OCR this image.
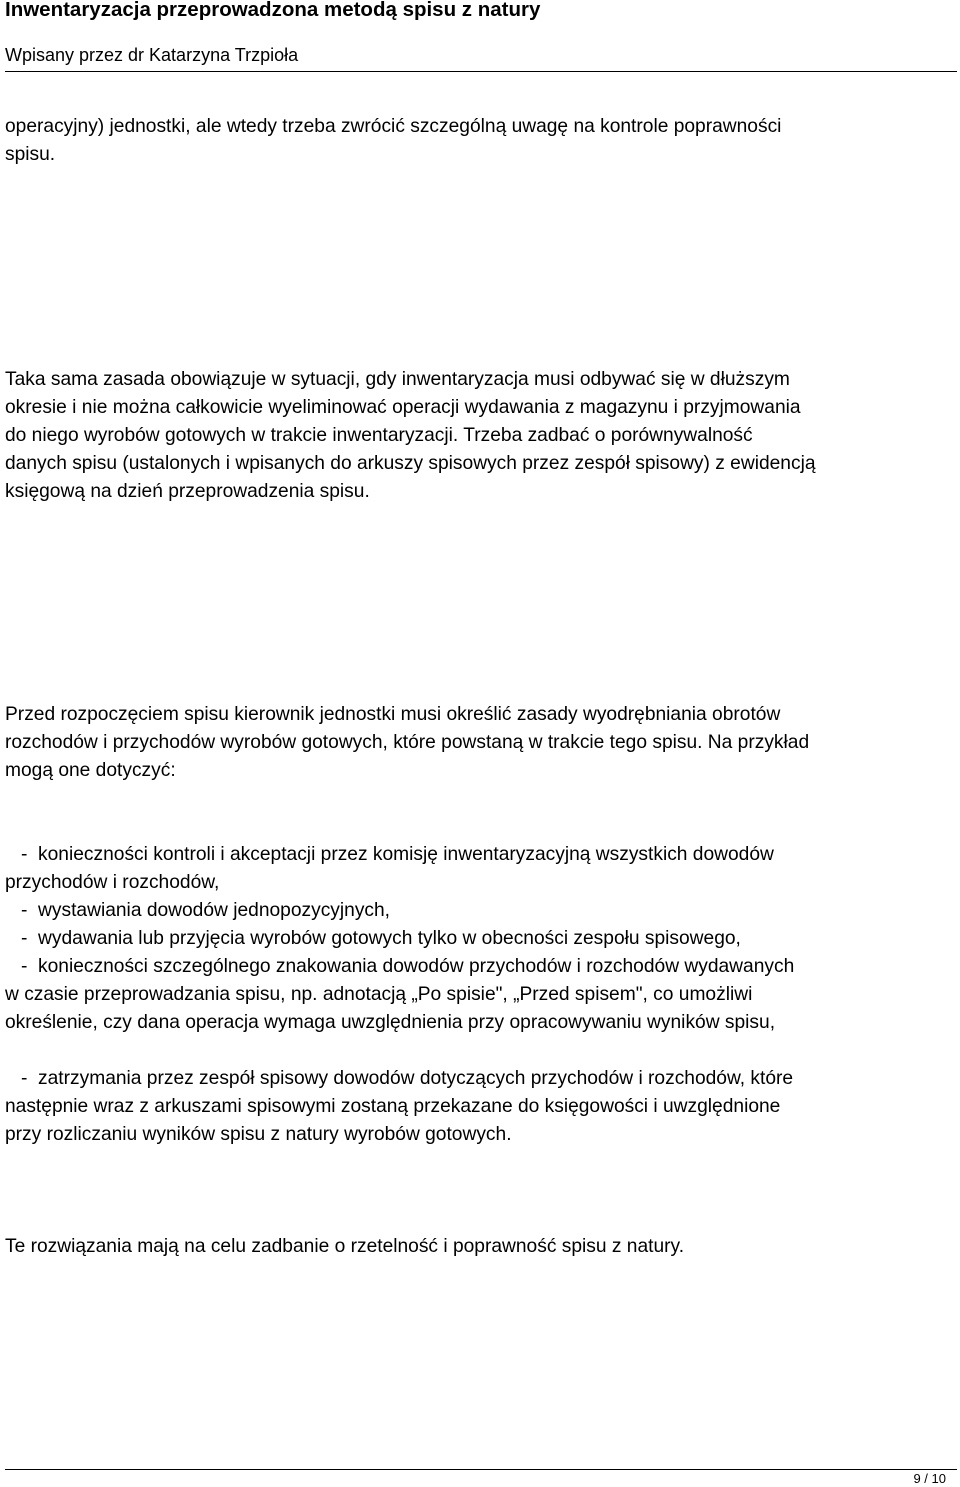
Inwentaryzacja przeprowadzona metodą spisu z natury
Wpisany przez dr Katarzyna Trzpioła

operacyjny) jednostki, ale wtedy trzeba zwrócić szczególną uwagę na kontrole poprawności
spisu.

Taka sama zasada obowiązuje w sytuacji, gdy inwentaryzacja musi odbywać się w dłuższym
okresie i nie można całkowicie wyeliminować operacji wydawania z magazynu i przyjmowania
do niego wyrobów gotowych w trakcie inwentaryzacji. Trzeba zadbać o porównywalność
danych spisu (ustalonych i wpisanych do arkuszy spisowych przez zespół spisowy) z ewidencją
księgową na dzień przeprowadzenia spisu.

Przed rozpoczęciem spisu kierownik jednostki musi określić zasady wyodrębniania obrotów
rozchodów i przychodów wyrobów gotowych, które powstaną w trakcie tego spisu. Na przykład
mogą one dotyczyć:

-  konieczności kontroli i akceptacji przez komisję inwentaryzacyjną wszystkich dowodów
przychodów i rozchodów,
-  wystawiania dowodów jednopozycyjnych,
-  wydawania lub przyjęcia wyrobów gotowych tylko w obecności zespołu spisowego,
-  konieczności szczególnego znakowania dowodów przychodów i rozchodów wydawanych
w czasie przeprowadzania spisu, np. adnotacją „Po spisie", „Przed spisem", co umożliwi
określenie, czy dana operacja wymaga uwzględnienia przy opracowywaniu wyników spisu,

-  zatrzymania przez zespół spisowy dowodów dotyczących przychodów i rozchodów, które
następnie wraz z arkuszami spisowymi zostaną przekazane do księgowości i uwzględnione
przy rozliczaniu wyników spisu z natury wyrobów gotowych.

Te rozwiązania mają na celu zadbanie o rzetelność i poprawność spisu z natury.

9 / 10
